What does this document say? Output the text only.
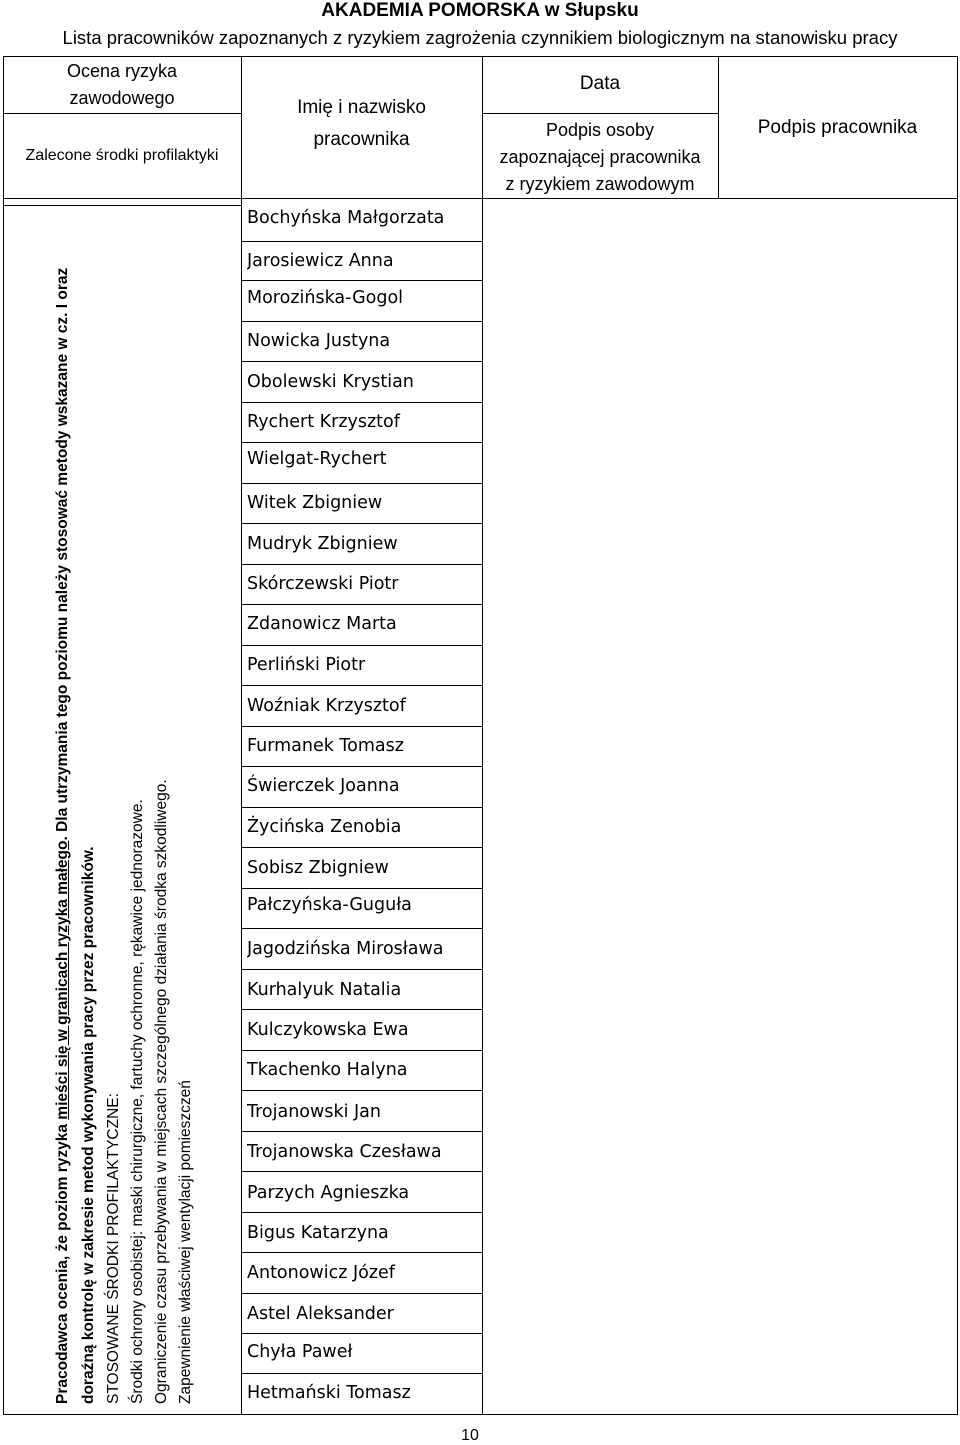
AKADEMIA POMORSKA w Słupsku
Lista pracowników zapoznanych z ryzykiem zagrożenia czynnikiem biologicznym na stanowisku pracy
Ocena ryzyka
zawodowego
Zalecone środki profilaktyki
Imię i nazwisko
pracownika
Data
Podpis osoby
zapoznającej pracownika
z ryzykiem zawodowym
Podpis pracownika
Pracodawca ocenia, że poziom ryzyka mieści się w granicach ryzyka małego. Dla utrzymania tego poziomu należy stosować metody wskazane w cz. I oraz
doraźną kontrolę w zakresie metod wykonywania pracy przez pracowników. STOSOWANE ŚRODKI PROFILAKTYCZNE: Środki ochrony osobistej: maski chirurgiczne, fartuchy ochronne, rękawice jednorazowe. Ograniczenie czasu przebywania w miejscach szczególnego działania środka szkodliwego. Zapewnienie właściwej wentylacji pomieszczeń
Bochyńska Małgorzata
Jarosiewicz Anna
Morozińska-Gogol
Nowicka Justyna
Obolewski Krystian
Rychert Krzysztof
Wielgat-Rychert
Witek Zbigniew
Mudryk Zbigniew
Skórczewski Piotr
Zdanowicz Marta
Perliński Piotr
Woźniak Krzysztof
Furmanek Tomasz
Świerczek Joanna
Życińska Zenobia
Sobisz Zbigniew
Pałczyńska-Guguła
Jagodzińska Mirosława
Kurhalyuk Natalia
Kulczykowska Ewa
Tkachenko Halyna
Trojanowski Jan
Trojanowska Czesława
Parzych Agnieszka
Bigus Katarzyna
Antonowicz Józef
Astel Aleksander
Chyła Paweł
Hetmański Tomasz
10
